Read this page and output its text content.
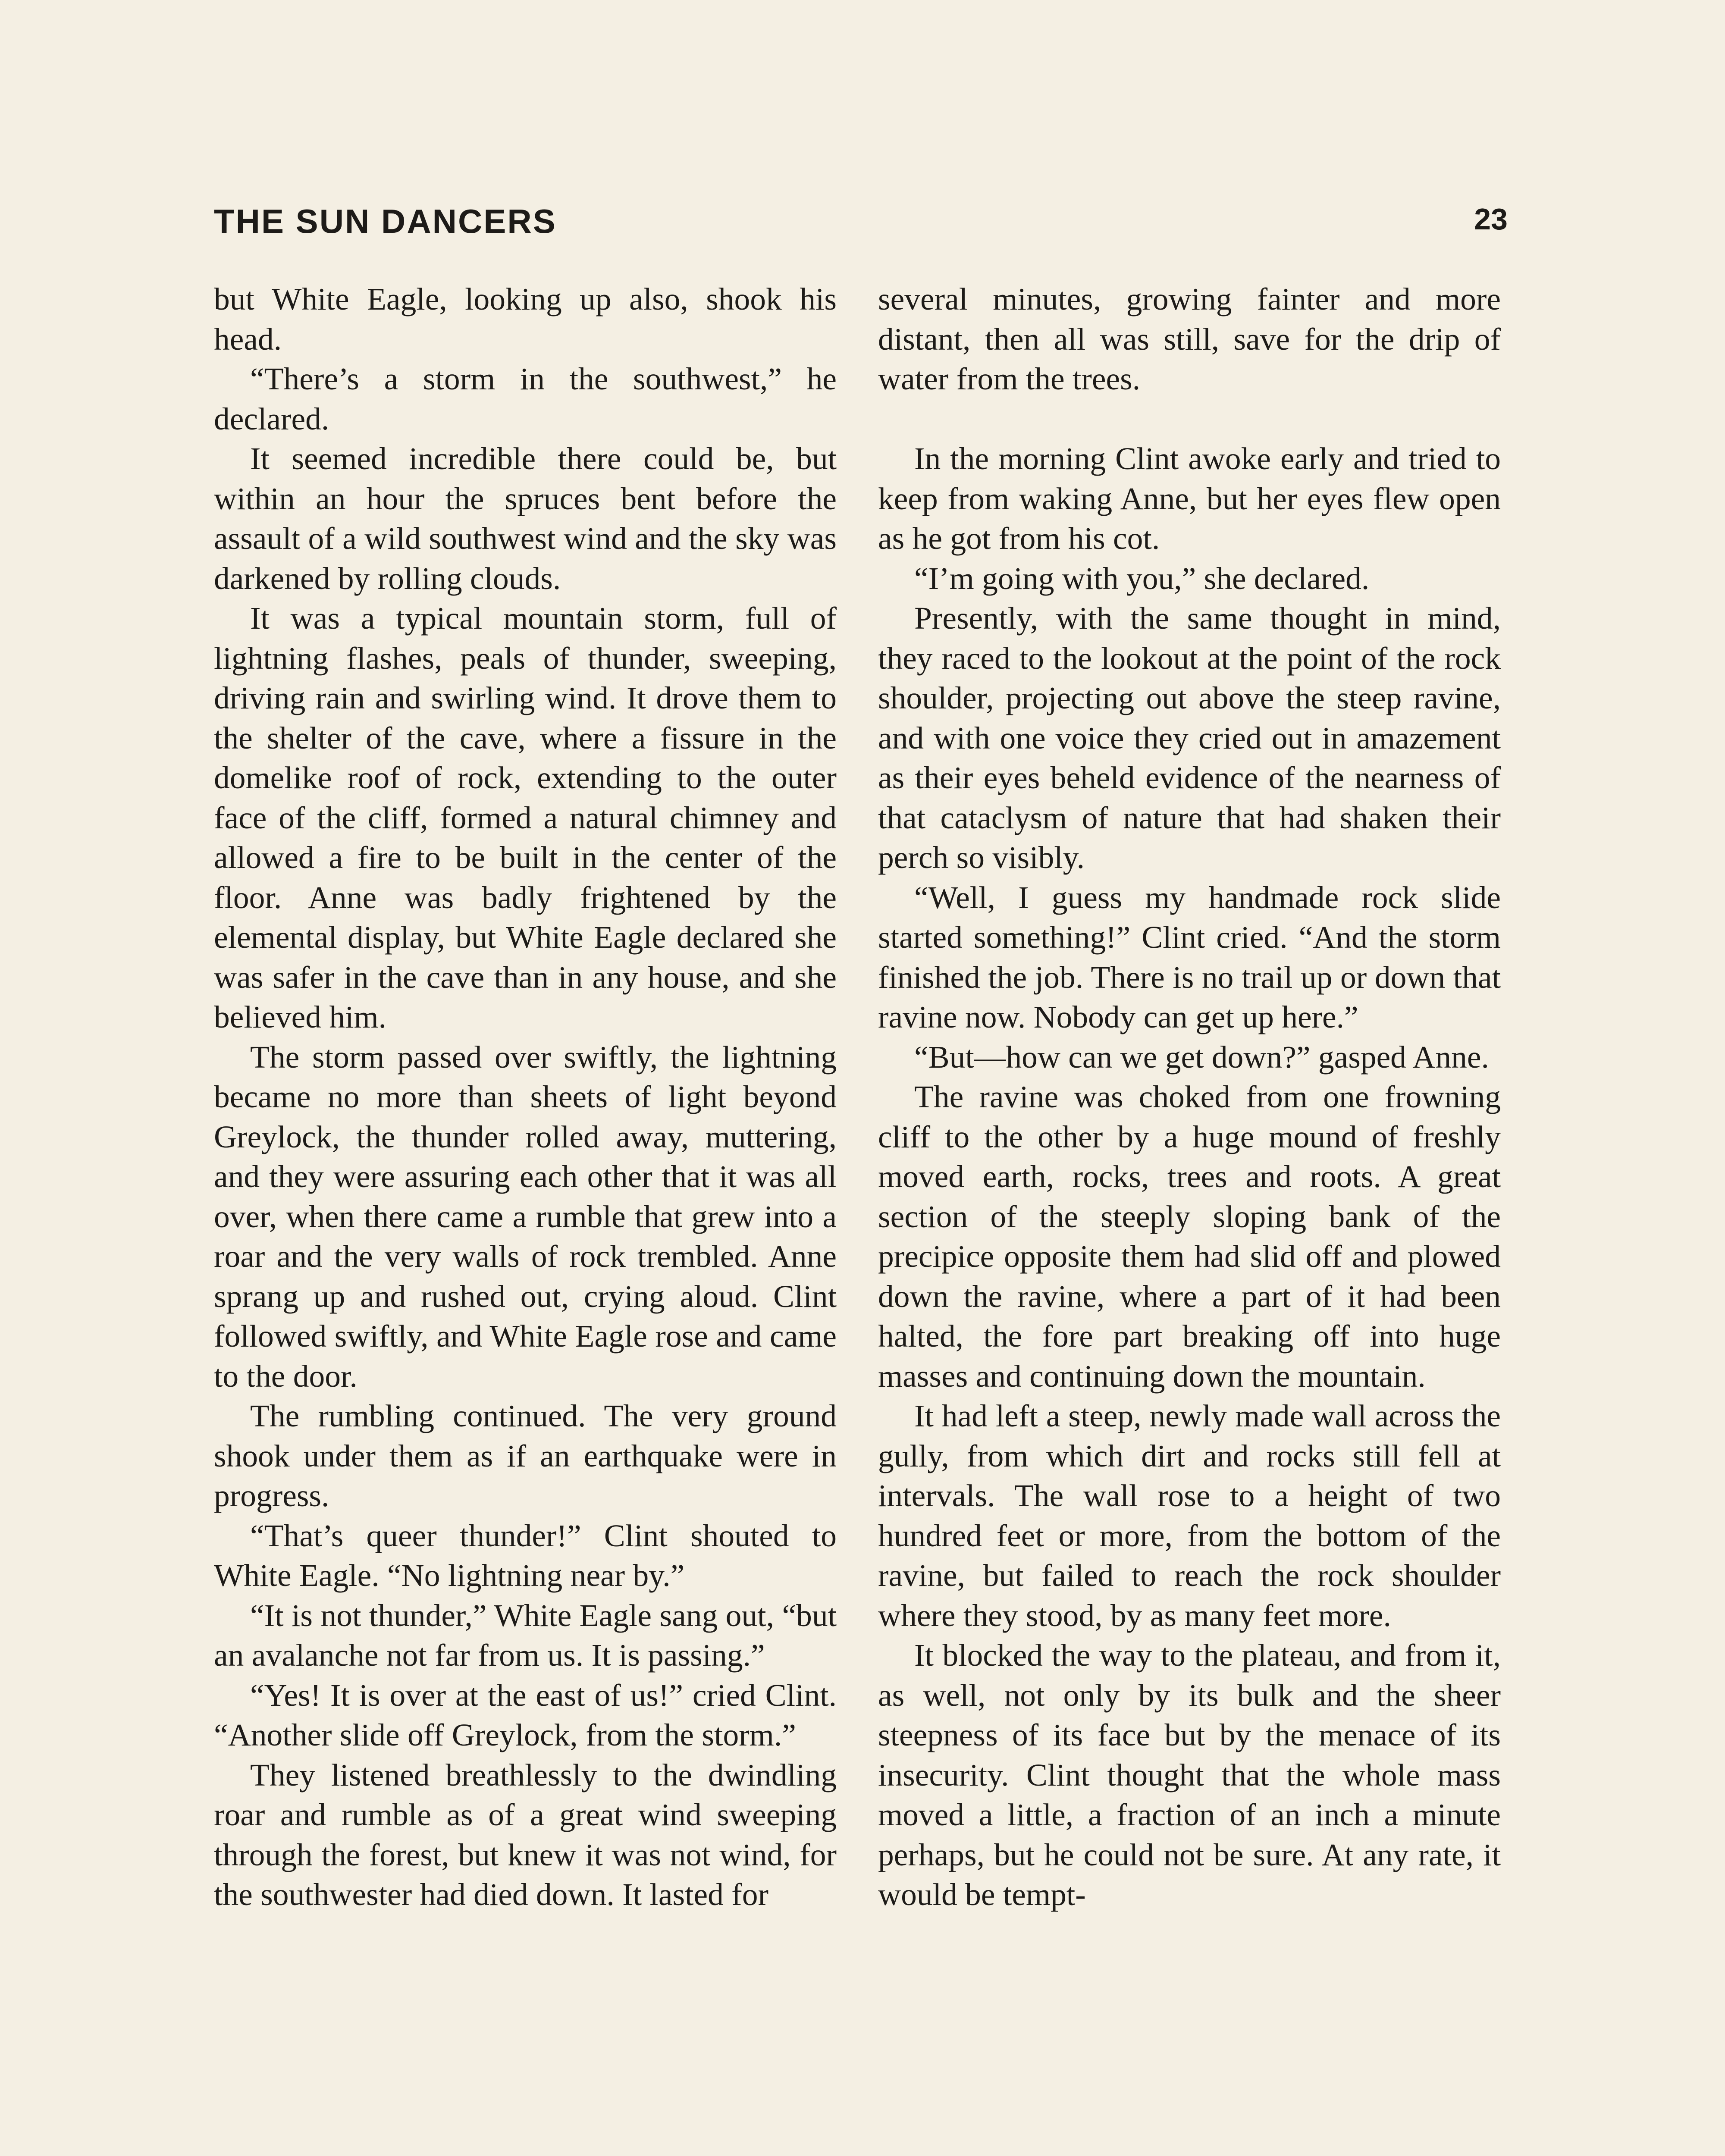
THE SUN DANCERS	23

but White Eagle, looking up also, shook his head.

“There’s a storm in the southwest,” he declared.

It seemed incredible there could be, but within an hour the spruces bent before the assault of a wild southwest wind and the sky was darkened by rolling clouds.

It was a typical mountain storm, full of lightning flashes, peals of thunder, sweeping, driving rain and swirling wind. It drove them to the shelter of the cave, where a fissure in the domelike roof of rock, extending to the outer face of the cliff, formed a natural chimney and allowed a fire to be built in the center of the floor. Anne was badly frightened by the elemental display, but White Eagle declared she was safer in the cave than in any house, and she believed him.

The storm passed over swiftly, the lightning became no more than sheets of light beyond Greylock, the thunder rolled away, muttering, and they were assuring each other that it was all over, when there came a rumble that grew into a roar and the very walls of rock trembled. Anne sprang up and rushed out, crying aloud. Clint followed swiftly, and White Eagle rose and came to the door.

The rumbling continued. The very ground shook under them as if an earthquake were in progress.

“That’s queer thunder!” Clint shouted to White Eagle. “No lightning near by.”

“It is not thunder,” White Eagle sang out, “but an avalanche not far from us. It is passing.”

“Yes! It is over at the east of us!” cried Clint. “Another slide off Greylock, from the storm.”

They listened breathlessly to the dwindling roar and rumble as of a great wind sweeping through the forest, but knew it was not wind, for the southwester had died down. It lasted for

several minutes, growing fainter and more distant, then all was still, save for the drip of water from the trees.

In the morning Clint awoke early and tried to keep from waking Anne, but her eyes flew open as he got from his cot.

“I’m going with you,” she declared.

Presently, with the same thought in mind, they raced to the lookout at the point of the rock shoulder, projecting out above the steep ravine, and with one voice they cried out in amazement as their eyes beheld evidence of the nearness of that cataclysm of nature that had shaken their perch so visibly.

“Well, I guess my handmade rock slide started something!” Clint cried. “And the storm finished the job. There is no trail up or down that ravine now. Nobody can get up here.”

“But—how can we get down?” gasped Anne.

The ravine was choked from one frowning cliff to the other by a huge mound of freshly moved earth, rocks, trees and roots. A great section of the steeply sloping bank of the precipice opposite them had slid off and plowed down the ravine, where a part of it had been halted, the fore part breaking off into huge masses and continuing down the mountain.

It had left a steep, newly made wall across the gully, from which dirt and rocks still fell at intervals. The wall rose to a height of two hundred feet or more, from the bottom of the ravine, but failed to reach the rock shoulder where they stood, by as many feet more.

It blocked the way to the plateau, and from it, as well, not only by its bulk and the sheer steepness of its face but by the menace of its insecurity. Clint thought that the whole mass moved a little, a fraction of an inch a minute perhaps, but he could not be sure. At any rate, it would be tempt-
